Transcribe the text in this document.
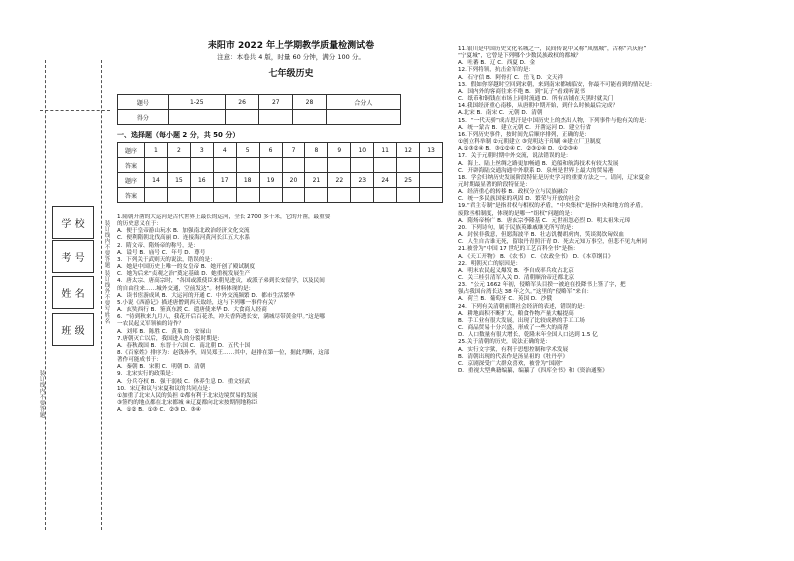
学 校
考 号
姓 名
班 级
装订线内不要答题
装订线内不要答题 装订线外不要写姓名
耒阳市 2022 年上学期教学质量检测试卷
注意：本卷共 4 版，时量 60 分钟，满分 100 分。
七年级历史
题号	1-25	26	27	28	合分人
得分					
一、选择题（每小题 2 分，共 50 分）
题序	1	2	3	4	5	6	7	8	9	10	11	12	13
答案													
题序	14	15	16	17	18	19	20	21	22	23	24	25	
答案													
1.隋朝开凿的大运河是古代世界上最长的运河，全长 2700 多千米，它的开凿，最重要
的历史意义在于：
A．便于皇帝游山玩水 B．加强南北政治经济文化交流
C．便利隋朝北伐高丽 D．连接海河黄河长江五大水系
2．隋文帝、隋炀帝的称号，是：
A．谥号 B．庙号 C．年号 D．尊号
3．下列关于武则天的说法，错误的是：
A．她是中国历史上唯一的女皇帝 B．她开创了殿试制度
C．她为后来“贞观之治”奠定基础 D．她重视发展生产
4．唐太宗、唐高宗时，“各国或派使臣来朝见进贡，或派子弟到长安留学，以及民间
的自由往来……城外交通，空前发达”。材料体现的是：
A．读书宦游成风 B．大运河的开通 C．中外交流频繁 D．都市生活繁华
5.小说《西游记》描述唐僧到西天取经，这与下列哪一事件有关？
A．玄奘西行 B．鉴真东渡 C．遣唐使来华 D．大食商人经商
6．“待到秋来九月八，我花开后百花杀，冲天香阵透长安，满城尽带黄金甲。”这是哪
一农民起义军领袖的诗作？
A．刘邦 B．陈胜 C．黄巢 D．安禄山
7.唐朝灭亡以后，我国进入的分裂时期是：
A．春秋战国 B．东晋十六国 C．南北朝 D．五代十国
8.《百家姓》排序为：赵钱孙李，周吴郑王……其中，赵排在第一位，据此判断，这部
著作可能成书于：
A．秦朝 B．宋朝 C．明朝 D．清朝
9．北宋实行的政策是：
A．分兵夺权 B．强干弱枝 C．休养生息 D．重文轻武
10．宋辽和议与宋夏和议的共同点是：
①加重了北宋人民的负担 ②都有利于北宋边境贸易的发展
③签约的地点都在北宋都城 ④辽夏都向北宋按期削地称臣
A．①② B．①③ C．②③ D．③④
11.银川是中国历史文化名城之一，民间传说中又称“凤凰城”，古称“兴庆府”
“宁夏城”，它曾是下列哪个少数民族政权的都城？
A．吐蕃 B．辽 C．西夏 D．金
12.下列将领，抗击金军的是：
A．石守信 B．阿骨打 C．岳飞 D．文天祥
13．假如你穿越时空回到宋朝，来到南宋都城临安，你最不可能看到的情况是：
A．国内外的客商往来不绝 B．到“瓦子”看戏听说书
C．纸币和铜钱在市场上同时流通 D．所有店铺在天黑时就关门
14.我国经济重心南移，从唐朝中期开始，到什么时候最后完成？
A.北宋 B．南宋 C．元朝 D．清朝
15．“一代天骄”成吉思汗是中国历史上的杰出人物，下列事件与他有关的是：
A．统一蒙古 B．建立元朝 C．开凿运河 D．建立行省
16.下列历史事件，按时间先后顺序排列，正确的是：
①创立科举制 ②元朝建立 ③党明达于印刷 ④建立厂卫制度
A.①③②④ B．③①②④ C．②③①④ D．①②③④
17．关于元朝时期中外交流，说法错误的是：
A．海上、陆上丝绸之路更加畅通 B．追船和航海技术有较大发展
C．开辟海陆交通沟通中外联系 D．泉州是世界上最大的贸易港
18．学会归纳历史发展阶段特征是历史学习的重要方法之一。请问，辽宋夏金
元时期最显著的阶段特征是：
A．经济重心的转移 B．政权分立与民族融合
C．统一多民族国家的巩固 D．繁荣与开放的社会
19.“君主专制”是指君权与相权的矛盾，“中央集权”是指中央和地方的矛盾。
废除丞相制度，体现的是哪一“组权”问题的是：
A．隋炀帝杨广 B．唐玄宗李隆基 C．元世祖忽必烈 D．明太祖朱元璋
20．下列诗句，属于民族英雄戚继光所写的是：
A．封侯非我意，但愿海波平 B．壮志饥餐胡虏肉，笑谈渴饮匈奴血
C．人生自古谁无死，留取丹青照汗青 D．死去元知万事空，但悲不见九州同
21.被誉为“中国 17 世纪的工艺百科全书”是指：
A．《天工开物》 B．《农书》 C．《农政全书》 D．《本草纲目》
22．明朝灭亡的原因是：
A．明末农民起义爆发 B．李自成率兵攻占北京
C．关三桂引清军入关 D．清朝顺治帝迁都北京
23．“公元 1662 年初，侵略军头目揆一被迫在投降书上签了字，把
强占我国台湾长达 38 年之久。”这里的“侵略军”来自：
A．荷兰 B．葡萄牙 C．英国 D．沙俄
24．下列有关清朝前期社会经济的表述，错误的是：
A．耕地面积不断扩大，粮食作物产量大幅提高
B．手工业有很大发展，出现了比较成熟的手工工场
C．商品贸易十分兴盛，形成了一些大的商帮
D．人口数量有很大增长，乾隆末年全国人口达到 1.5 亿
25.关于清朝的历史，说法正确的是：
A．实行文字狱，有利于思想控制和学术发展
B．清朝出现的代表作是汤显祖的《牡丹亭》
C．京剧深受广大群众喜欢，被誉为“国剧”
D．重视大型典籍编纂，编纂了《四库全书》和《资治通鉴》
